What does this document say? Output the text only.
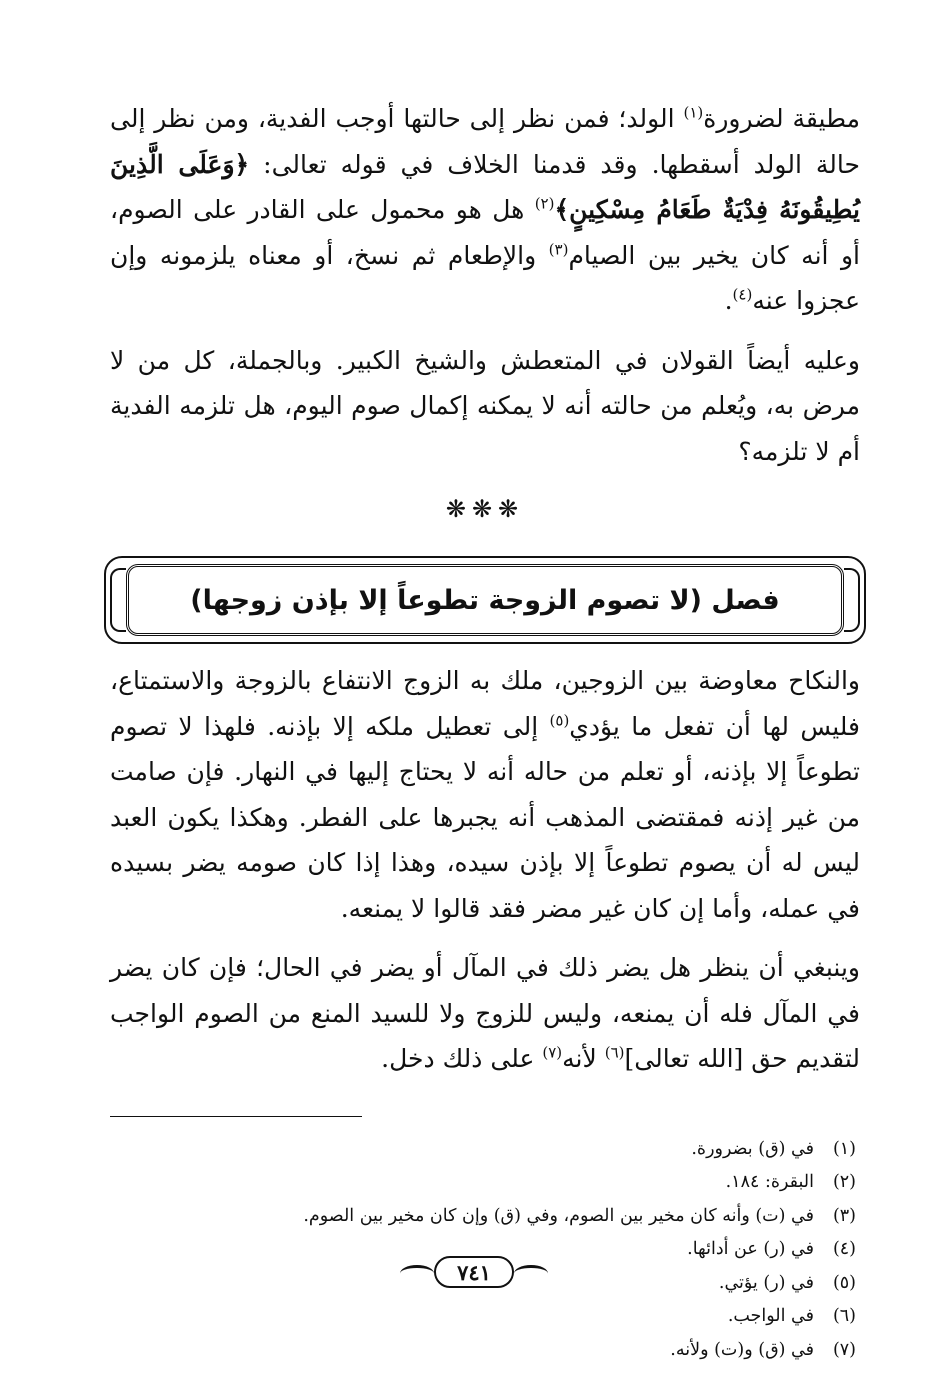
مطيقة لضرورة$^{(١)}$ الولد؛ فمن نظر إلى حالتها أوجب الفدية، ومن نظر إلى حالة الولد أسقطها. وقد قدمنا الخلاف في قوله تعالى: ﴿وَعَلَى الَّذِينَ يُطِيقُونَهُ فِدْيَةٌ طَعَامُ مِسْكِينٍ﴾$^{(٢)}$ هل هو محمول على القادر على الصوم، أو أنه كان يخير بين الصيام$^{(٣)}$ والإطعام ثم نسخ، أو معناه يلزمونه وإن عجزوا عنه$^{(٤)}$.

وعليه أيضاً القولان في المتعطش والشيخ الكبير. وبالجملة، كل من لا مرض به، ويُعلم من حالته أنه لا يمكنه إكمال صوم اليوم، هل تلزمه الفدية أم لا تلزمه؟

❋❋❋
فصل (لا تصوم الزوجة تطوعاً إلا بإذن زوجها)

والنكاح معاوضة بين الزوجين، ملك به الزوج الانتفاع بالزوجة والاستمتاع، فليس لها أن تفعل ما يؤدي$^{(٥)}$ إلى تعطيل ملكه إلا بإذنه. فلهذا لا تصوم تطوعاً إلا بإذنه، أو تعلم من حاله أنه لا يحتاج إليها في النهار. فإن صامت من غير إذنه فمقتضى المذهب أنه يجبرها على الفطر. وهكذا يكون العبد ليس له أن يصوم تطوعاً إلا بإذن سيده، وهذا إذا كان صومه يضر بسيده في عمله، وأما إن كان غير مضر فقد قالوا لا يمنعه.

وينبغي أن ينظر هل يضر ذلك في المآل أو يضر في الحال؛ فإن كان يضر في المآل فله أن يمنعه، وليس للزوج ولا للسيد المنع من الصوم الواجب لتقديم حق [الله تعالى]$^{(٦)}$ لأنه$^{(٧)}$ على ذلك دخل.

(١)
في (ق) بضرورة.
(٢)
البقرة: ١٨٤.
(٣)
في (ت) وأنه كان مخير بين الصوم، وفي (ق) وإن كان مخير بين الصوم.
(٤)
في (ر) عن أدائها.
(٥)
في (ر) يؤتي.
(٦)
في الواجب.
(٧)
في (ق) و(ت) ولأنه.
٧٤١
